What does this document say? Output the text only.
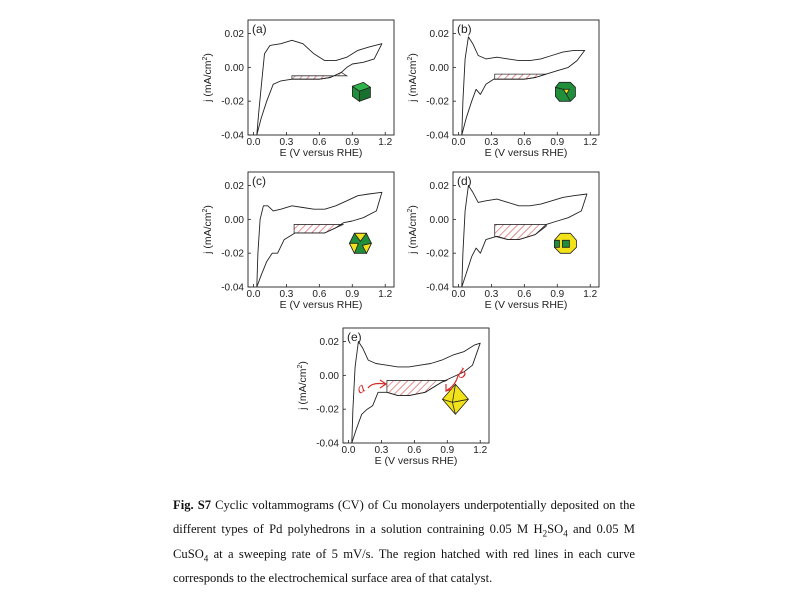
0.0 0.3 0.6 0.9 1.2
0.02
0.00
-0.02
-0.04
E (V versus RHE)
j $(mA/cm^2)$
(a)
0.0 0.3 0.6 0.9 1.2
0.02
0.00
-0.02
-0.04
E (V versus RHE)
j $(mA/cm^2)$
(b)
0.0 0.3 0.6 0.9 1.2
0.02
0.00
-0.02
-0.04
E (V versus RHE)
j $(mA/cm^2)$
(c)
0.0 0.3 0.6 0.9 1.2
0.02
0.00
-0.02
-0.04
E (V versus RHE)
j $(mA/cm^2)$
(d)
0.0 0.3 0.6 0.9 1.2
0.02
0.00
-0.02
-0.04
E (V versus RHE)
j $(mA/cm^2)$
(e)
a
b
Fig. S7 Cyclic voltammograms (CV) of Cu monolayers underpotentially deposited on the different types of Pd polyhedrons in a solution contraining 0.05 M $H_2SO_4$ and 0.05 M CuSO$_4$ at a sweeping rate of 5 mV/s. The region hatched with red lines in each curve corresponds to the electrochemical surface area of that catalyst.
